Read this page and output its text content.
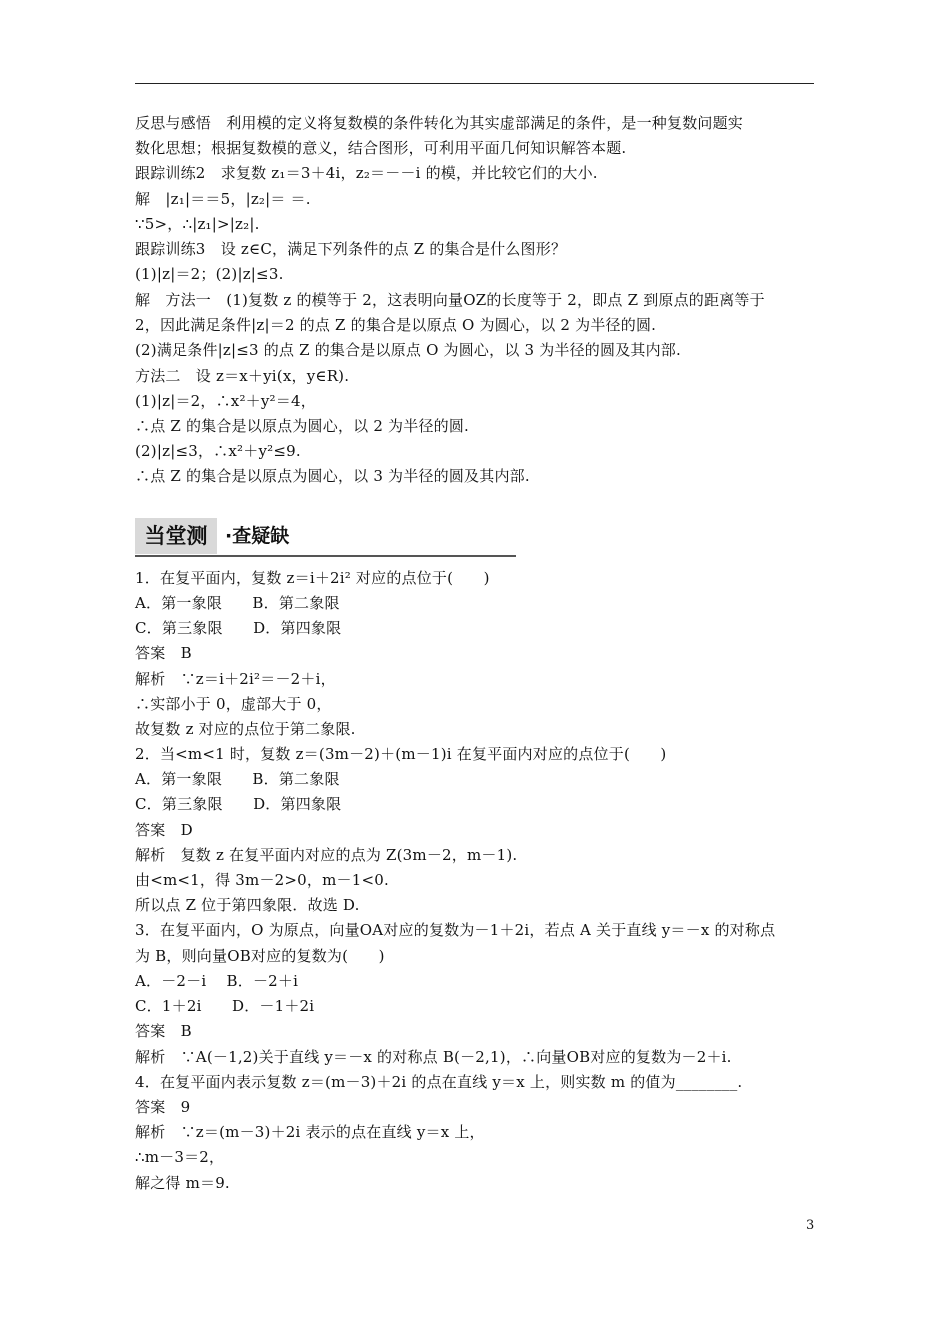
反思与感悟　利用模的定义将复数模的条件转化为其实虚部满足的条件，是一种复数问题实
数化思想；根据复数模的意义，结合图形，可利用平面几何知识解答本题.
跟踪训练2　求复数 z₁＝3＋4i，z₂＝－－i 的模，并比较它们的大小.
解　|z₁|＝＝5，|z₂|＝ ＝.
∵5>，∴|z₁|>|z₂|.
跟踪训练3　设 z∈C，满足下列条件的点 Z 的集合是什么图形？
(1)|z|＝2；(2)|z|≤3.
解　方法一　(1)复数 z 的模等于 2，这表明向量OZ的长度等于 2，即点 Z 到原点的距离等于
2，因此满足条件|z|＝2 的点 Z 的集合是以原点 O 为圆心，以 2 为半径的圆.
(2)满足条件|z|≤3 的点 Z 的集合是以原点 O 为圆心，以 3 为半径的圆及其内部.
方法二　设 z＝x＋yi(x，y∈R).
(1)|z|＝2，∴x²＋y²＝4，
∴点 Z 的集合是以原点为圆心，以 2 为半径的圆.
(2)|z|≤3，∴x²＋y²≤9.
∴点 Z 的集合是以原点为圆心，以 3 为半径的圆及其内部.
当堂测 ·查疑缺
1．在复平面内，复数 z＝i＋2i² 对应的点位于(　　)
A．第一象限　　B．第二象限
C．第三象限　　D．第四象限
答案　B
解析　∵z＝i＋2i²＝－2＋i，
∴实部小于 0，虚部大于 0，
故复数 z 对应的点位于第二象限.
2．当<m<1 时，复数 z＝(3m－2)＋(m－1)i 在复平面内对应的点位于(　　)
A．第一象限　　B．第二象限
C．第三象限　　D．第四象限
答案　D
解析　复数 z 在复平面内对应的点为 Z(3m－2，m－1).
由<m<1，得 3m－2>0，m－1<0.
所以点 Z 位于第四象限．故选 D.
3．在复平面内，O 为原点，向量OA对应的复数为－1＋2i，若点 A 关于直线 y＝－x 的对称点
为 B，则向量OB对应的复数为(　　)
A．－2－i　 B．－2＋i
C．1＋2i　　D．－1＋2i
答案　B
解析　∵A(－1,2)关于直线 y＝－x 的对称点 B(－2,1)，∴向量OB对应的复数为－2＋i.
4．在复平面内表示复数 z＝(m－3)＋2i 的点在直线 y＝x 上，则实数 m 的值为________.
答案　9
解析　∵z＝(m－3)＋2i 表示的点在直线 y＝x 上，
∴m－3＝2，
解之得 m＝9.
3
